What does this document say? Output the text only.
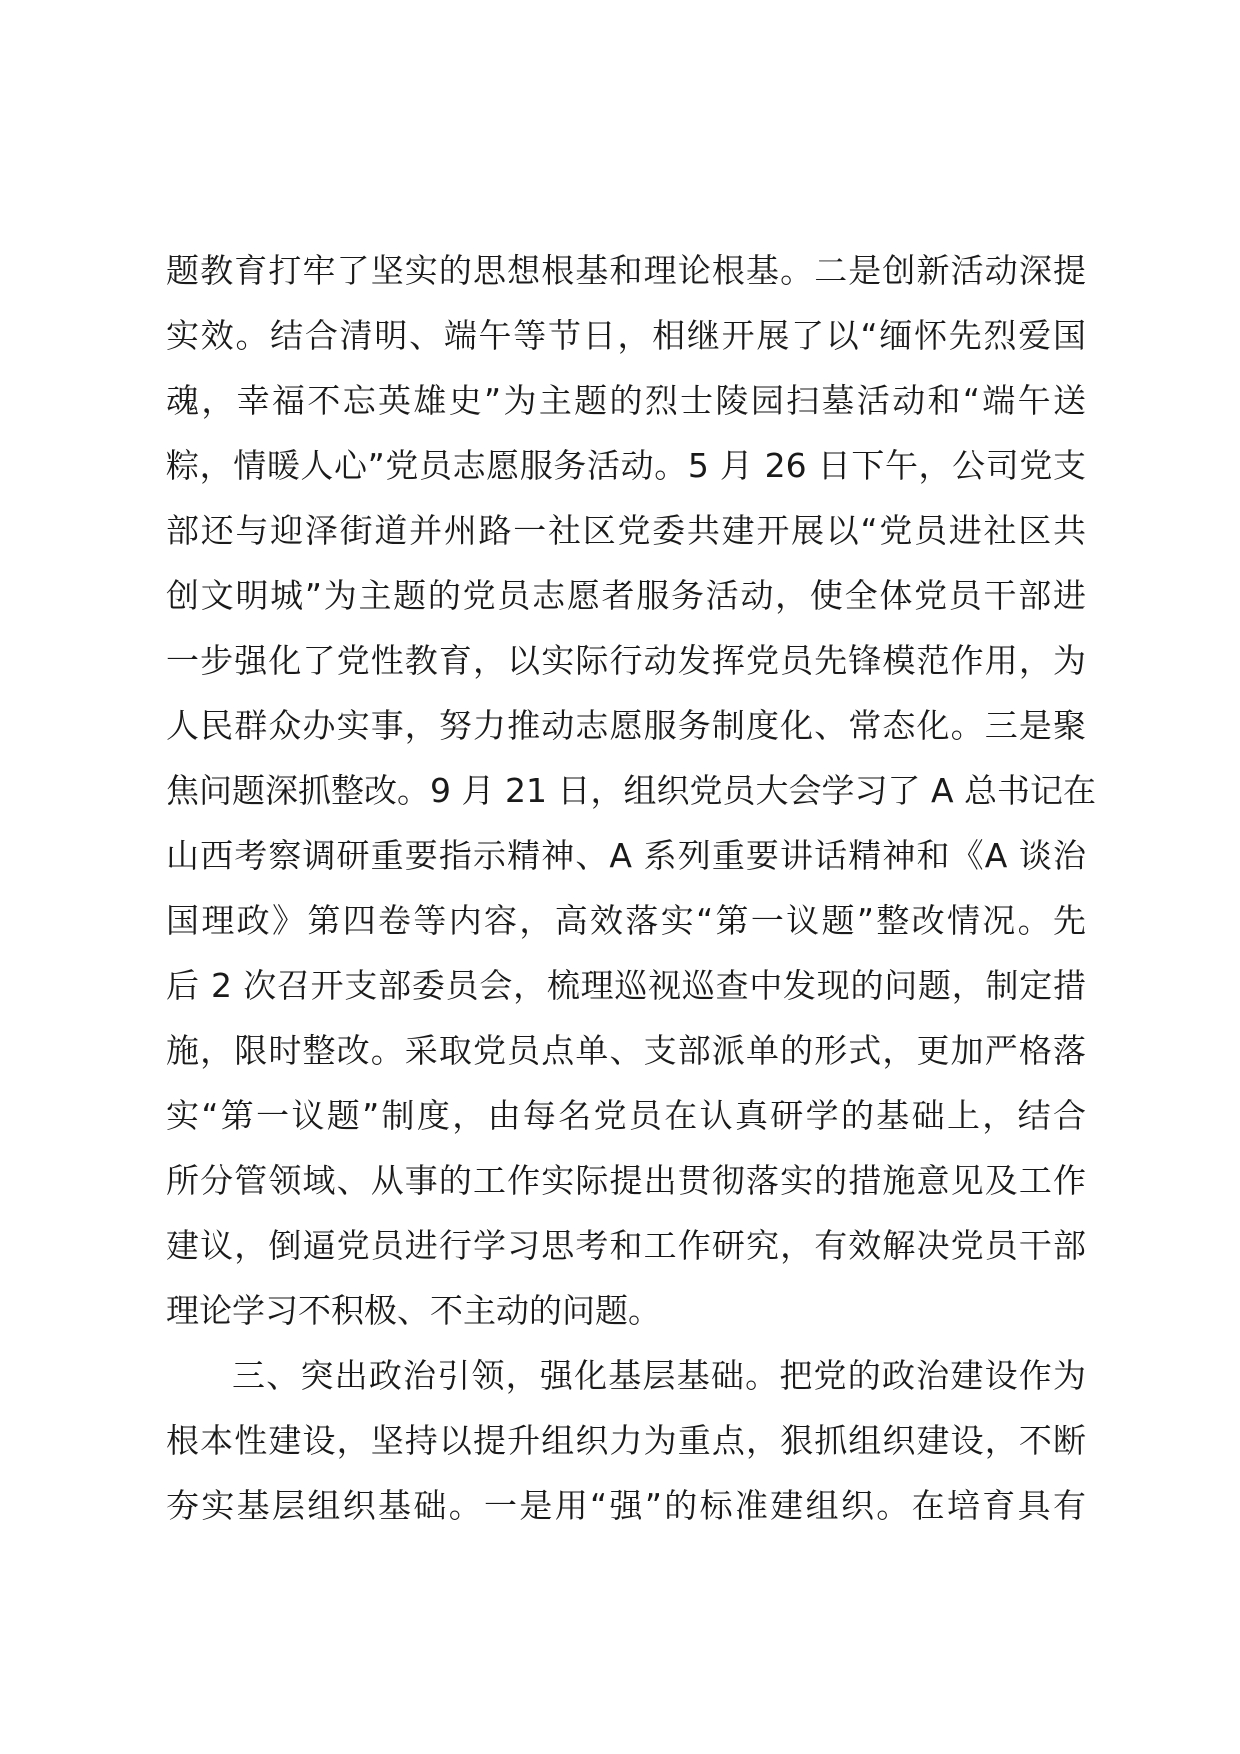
题教育打牢了坚实的思想根基和理论根基。二是创新活动深提
实效。结合清明、端午等节日，相继开展了以“缅怀先烈爱国
魂，幸福不忘英雄史”为主题的烈士陵园扫墓活动和“端午送
粽，情暖人心”党员志愿服务活动。5 月 26 日下午，公司党支
部还与迎泽街道并州路一社区党委共建开展以“党员进社区共
创文明城”为主题的党员志愿者服务活动，使全体党员干部进
一步强化了党性教育，以实际行动发挥党员先锋模范作用，为
人民群众办实事，努力推动志愿服务制度化、常态化。三是聚
焦问题深抓整改。9 月 21 日，组织党员大会学习了 A 总书记在
山西考察调研重要指示精神、A 系列重要讲话精神和《A 谈治
国理政》第四卷等内容，高效落实“第一议题”整改情况。先
后 2 次召开支部委员会，梳理巡视巡查中发现的问题，制定措
施，限时整改。采取党员点单、支部派单的形式，更加严格落
实“第一议题”制度，由每名党员在认真研学的基础上，结合
所分管领域、从事的工作实际提出贯彻落实的措施意见及工作
建议，倒逼党员进行学习思考和工作研究，有效解决党员干部
理论学习不积极、不主动的问题。
三、突出政治引领，强化基层基础。把党的政治建设作为
根本性建设，坚持以提升组织力为重点，狠抓组织建设，不断
夯实基层组织基础。一是用“强”的标准建组织。在培育具有
